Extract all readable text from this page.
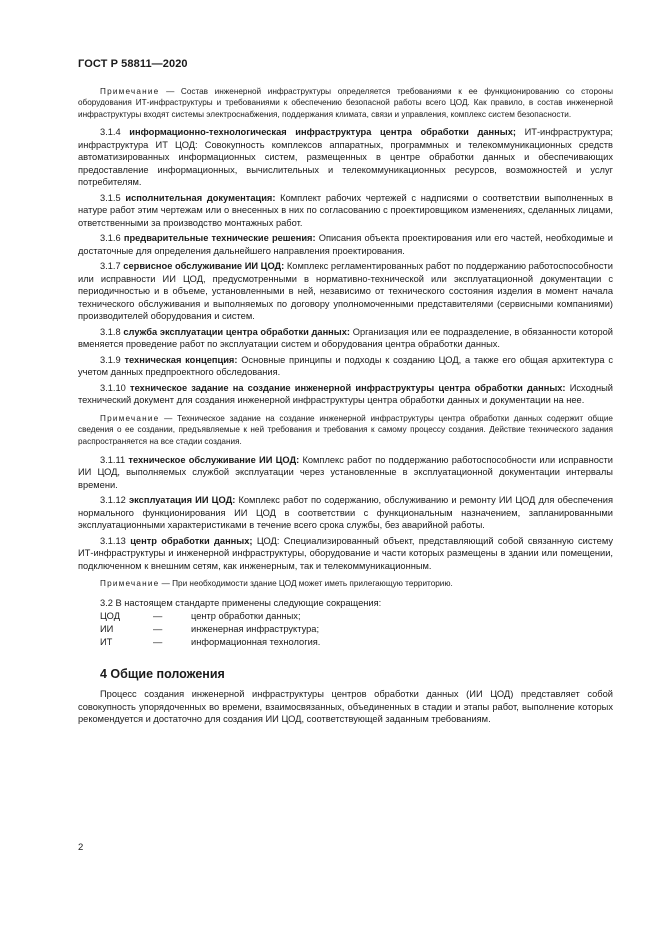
ГОСТ Р 58811—2020

Примечание — Состав инженерной инфраструктуры определяется требованиями к ее функционированию со стороны оборудования ИТ-инфраструктуры и требованиями к обеспечению безопасной работы всего ЦОД. Как правило, в состав инженерной инфраструктуры входят системы электроснабжения, поддержания климата, связи и управления, комплекс систем безопасности.

3.1.4 информационно-технологическая инфраструктура центра обработки данных; ИТ-инфраструктура; инфраструктура ИТ ЦОД: Совокупность комплексов аппаратных, программных и телекоммуникационных средств автоматизированных информационных систем, размещенных в центре обработки данных и обеспечивающих предоставление информационных, вычислительных и телекоммуникационных ресурсов, возможностей и услуг потребителям.

3.1.5 исполнительная документация: Комплект рабочих чертежей с надписями о соответствии выполненных в натуре работ этим чертежам или о внесенных в них по согласованию с проектировщиком изменениях, сделанных лицами, ответственными за производство монтажных работ.

3.1.6 предварительные технические решения: Описания объекта проектирования или его частей, необходимые и достаточные для определения дальнейшего направления проектирования.

3.1.7 сервисное обслуживание ИИ ЦОД: Комплекс регламентированных работ по поддержанию работоспособности или исправности ИИ ЦОД, предусмотренными в нормативно-технической или эксплуатационной документации с периодичностью и в объеме, установленными в ней, независимо от технического состояния изделия в момент начала технического обслуживания и выполняемых по договору уполномоченными представителями (сервисными компаниями) производителей оборудования и систем.

3.1.8 служба эксплуатации центра обработки данных: Организация или ее подразделение, в обязанности которой вменяется проведение работ по эксплуатации систем и оборудования центра обработки данных.

3.1.9 техническая концепция: Основные принципы и подходы к созданию ЦОД, а также его общая архитектура с учетом данных предпроектного обследования.

3.1.10 техническое задание на создание инженерной инфраструктуры центра обработки данных: Исходный технический документ для создания инженерной инфраструктуры центра обработки данных и документации на нее.

Примечание — Техническое задание на создание инженерной инфраструктуры центра обработки данных содержит общие сведения о ее создании, предъявляемые к ней требования и требования к самому процессу создания. Действие технического задания распространяется на все стадии создания.

3.1.11 техническое обслуживание ИИ ЦОД: Комплекс работ по поддержанию работоспособности или исправности ИИ ЦОД, выполняемых службой эксплуатации через установленные в эксплуатационной документации интервалы времени.

3.1.12 эксплуатация ИИ ЦОД: Комплекс работ по содержанию, обслуживанию и ремонту ИИ ЦОД для обеспечения нормального функционирования ИИ ЦОД в соответствии с функциональным назначением, запланированными эксплуатационными характеристиками в течение всего срока службы, без аварийной работы.

3.1.13 центр обработки данных; ЦОД: Специализированный объект, представляющий собой связанную систему ИТ-инфраструктуры и инженерной инфраструктуры, оборудование и части которых размещены в здании или помещении, подключенном к внешним сетям, как инженерным, так и телекоммуникационным.

Примечание — При необходимости здание ЦОД может иметь прилегающую территорию.

3.2 В настоящем стандарте применены следующие сокращения:

ЦОД	—	центр обработки данных;
ИИ	—	инженерная инфраструктура;
ИТ	—	информационная технология.
4 Общие положения

Процесс создания инженерной инфраструктуры центров обработки данных (ИИ ЦОД) представляет собой совокупность упорядоченных во времени, взаимосвязанных, объединенных в стадии и этапы работ, выполнение которых рекомендуется и достаточно для создания ИИ ЦОД, соответствующей заданным требованиям.

2
